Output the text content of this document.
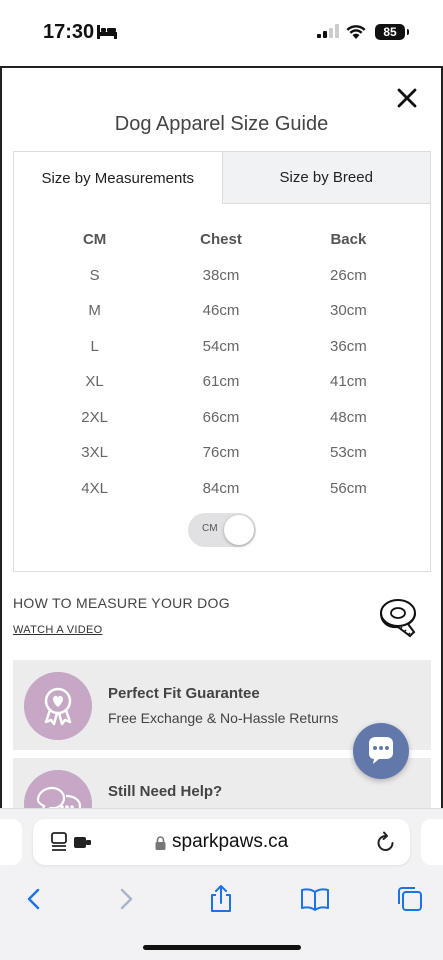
17:30	85
Dog Apparel Size Guide
Size by Measurements	Size by Breed
CM	Chest	Back
S	38cm	26cm
M	46cm	30cm
L	54cm	36cm
XL	61cm	41cm
2XL	66cm	48cm
3XL	76cm	53cm
4XL	84cm	56cm
CM
HOW TO MEASURE YOUR DOG
WATCH A VIDEO
Perfect Fit Guarantee
Free Exchange & No-Hassle Returns
Still Need Help?
sparkpaws.ca
